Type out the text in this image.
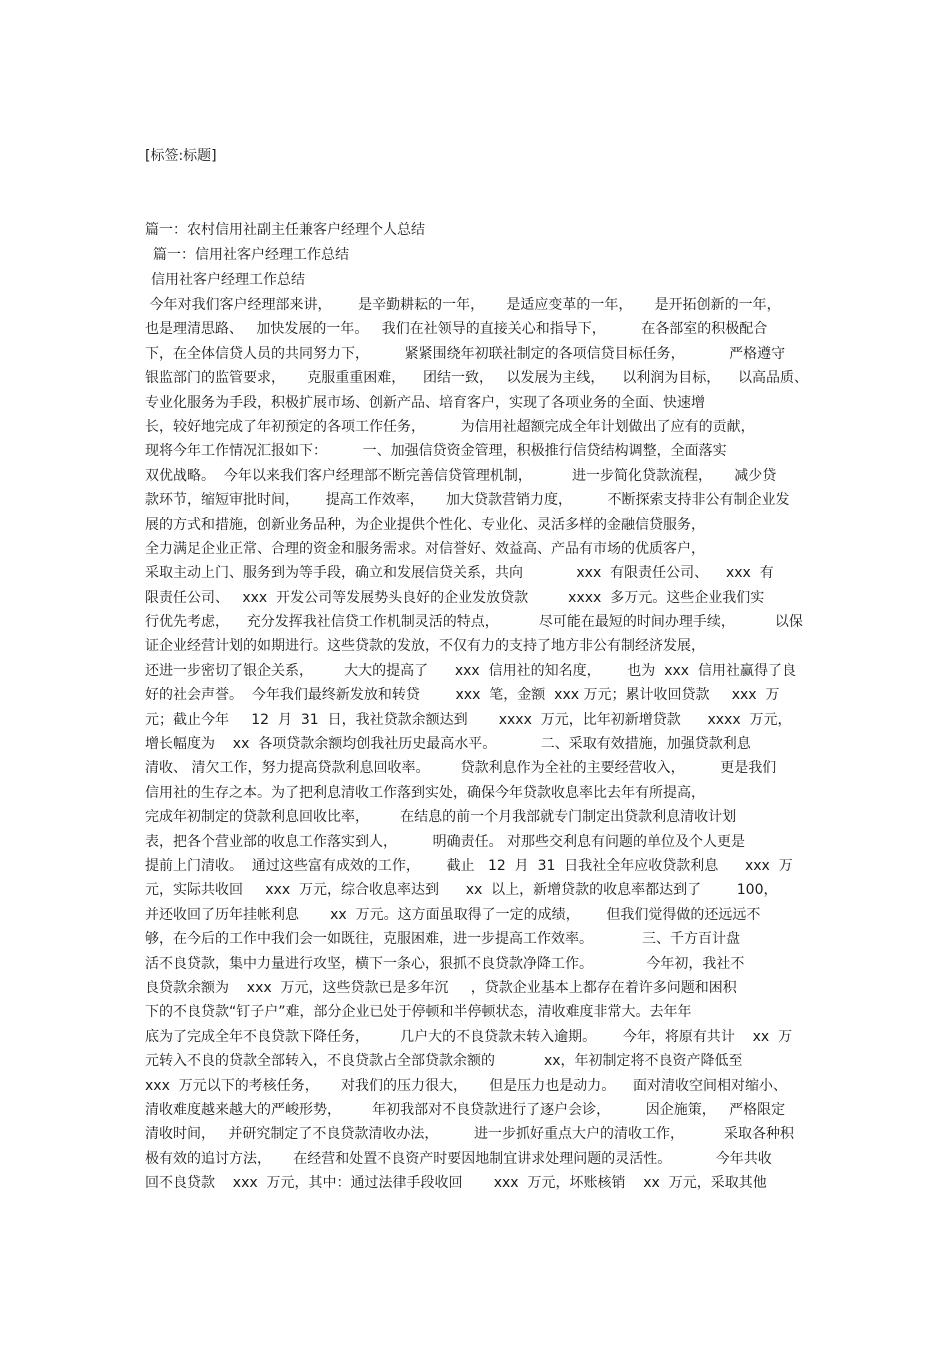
[标签:标题]
篇一：农村信用社副主任兼客户经理个人总结
篇一：信用社客户经理工作总结
信用社客户经理工作总结
今年对我们客户经理部来讲，      是辛勤耕耘的一年，     是适应变革的一年，     是开拓创新的一年，
也是理清思路、   加快发展的一年。   我们在社领导的直接关心和指导下，        在各部室的积极配合
下，在全体信贷人员的共同努力下，        紧紧围绕年初联社制定的各项信贷目标任务，          严格遵守
银监部门的监管要求，     克服重重困难，    团结一致，   以发展为主线，    以利润为目标，    以高品质、
专业化服务为手段，积极扩展市场、创新产品、培育客户，实现了各项业务的全面、快速增
长，较好地完成了年初预定的各项工作任务，        为信用社超额完成全年计划做出了应有的贡献，
现将今年工作情况汇报如下：        一、加强信贷资金管理，积极推行信贷结构调整，全面落实
双优战略。  今年以来我们客户经理部不断完善信贷管理机制，         进一步简化贷款流程，     减少贷
款环节，缩短审批时间，      提高工作效率，     加大贷款营销力度，        不断探索支持非公有制企业发
展的方式和措施，创新业务品种，为企业提供个性化、专业化、灵活多样的金融信贷服务，
全力满足企业正常、合理的资金和服务需求。对信誉好、效益高、产品有市场的优质客户，
采取主动上门、服务到为等手段，确立和发展信贷关系，共向            xxx  有限责任公司、    xxx  有
限责任公司、   xxx  开发公司等发展势头良好的企业发放贷款         xxxx  多万元。这些企业我们实
行优先考虑，    充分发挥我社信贷工作机制灵活的特点，         尽可能在最短的时间办理手续，         以保
证企业经营计划的如期进行。这些贷款的发放，不仅有力的支持了地方非公有制经济发展，
还进一步密切了银企关系，       大大的提高了      xxx  信用社的知名度，      也为  xxx  信用社赢得了良
好的社会声誉。  今年我们最终新发放和转贷        xxx  笔，金额  xxx 万元；累计收回贷款     xxx  万
元；截止今年     12  月  31  日，我社贷款余额达到       xxxx  万元，比年初新增贷款      xxxx  万元，
增长幅度为    xx  各项贷款余额均创我社历史最高水平。          二、采取有效措施，加强贷款利息
清收、 清欠工作，努力提高贷款利息回收率。       贷款利息作为全社的主要经营收入，        更是我们
信用社的生存之本。为了把利息清收工作落到实处，确保今年贷款收息率比去年有所提高，
完成年初制定的贷款利息回收比率，       在结息的前一个月我部就专门制定出贷款利息清收计划
表，把各个营业部的收息工作落实到人，        明确责任。 对那些交利息有问题的单位及个人更是
提前上门清收。  通过这些富有成效的工作，      截止   12  月  31  日我社全年应收贷款利息      xxx  万
元，实际共收回     xxx  万元，综合收息率达到      xx  以上，新增贷款的收息率都达到了        100，
并还收回了历年挂帐利息       xx  万元。这方面虽取得了一定的成绩，      但我们觉得做的还远远不
够，在今后的工作中我们会一如既往，克服困难，进一步提高工作效率。           三、千方百计盘
活不良贷款，集中力量进行攻坚，横下一条心，狠抓不良贷款净降工作。            今年初，我社不
良贷款余额为    xxx  万元，这些贷款已是多年沉     ，贷款企业基本上都存在着许多问题和困积
下的不良贷款“钉子户”难，部分企业已处于停顿和半停顿状态，清收难度非常大。去年年
底为了完成全年不良贷款下降任务，       几户大的不良贷款未转入逾期。      今年，将原有共计    xx  万
元转入不良的贷款全部转入，不良贷款占全部贷款余额的           xx，年初制定将不良资产降低至
xxx  万元以下的考核任务，     对我们的压力很大，     但是压力也是动力。    面对清收空间相对缩小、
清收难度越来越大的严峻形势，       年初我部对不良贷款进行了逐户会诊，        因企施策，   严格限定
清收时间，   并研究制定了不良贷款清收办法，        进一步抓好重点大户的清收工作，         采取各种积
极有效的追讨方法，     在经营和处置不良资产时要因地制宜讲求处理问题的灵活性。          今年共收
回不良贷款    xxx  万元，其中：通过法律手段收回       xxx  万元，坏账核销    xx  万元，采取其他
